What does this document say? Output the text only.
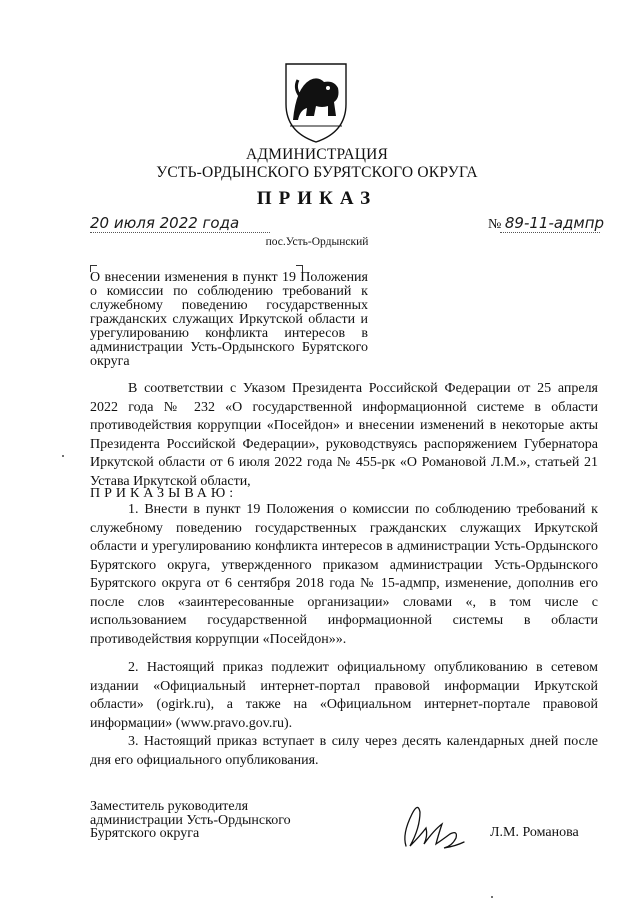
АДМИНИСТРАЦИЯ
УСТЬ-ОРДЫНСКОГО БУРЯТСКОГО ОКРУГА
ПРИКАЗ
20 июля 2022 года	№ 89-11-адмпр
пос.Усть-Ордынский
О внесении изменения в пункт 19 Положения о комиссии по соблюдению требований к служебному поведению государственных гражданских служащих Иркутской области и урегулированию конфликта интересов в администрации Усть-Ордынского Бурятского округа
В соответствии с Указом Президента Российской Федерации от 25 апреля 2022 года № 232 «О государственной информационной системе в области противодействия коррупции «Посейдон» и внесении изменений в некоторые акты Президента Российской Федерации», руководствуясь распоряжением Губернатора Иркутской области от 6 июля 2022 года № 455-рк «О Романовой Л.М.», статьей 21 Устава Иркутской области,
ПРИКАЗЫВАЮ:
1. Внести в пункт 19 Положения о комиссии по соблюдению требований к служебному поведению государственных гражданских служащих Иркутской области и урегулированию конфликта интересов в администрации Усть-Ордынского Бурятского округа, утвержденного приказом администрации Усть-Ордынского Бурятского округа от 6 сентября 2018 года № 15-адмпр, изменение, дополнив его после слов «заинтересованные организации» словами «, в том числе с использованием государственной информационной системы в области противодействия коррупции «Посейдон»».
2. Настоящий приказ подлежит официальному опубликованию в сетевом издании «Официальный интернет-портал правовой информации Иркутской области» (ogirk.ru), а также на «Официальном интернет-портале правовой информации» (www.pravo.gov.ru).
3. Настоящий приказ вступает в силу через десять календарных дней после дня его официального опубликования.
Заместитель руководителя
администрации Усть-Ордынского
Бурятского округа	Л.М. Романова
